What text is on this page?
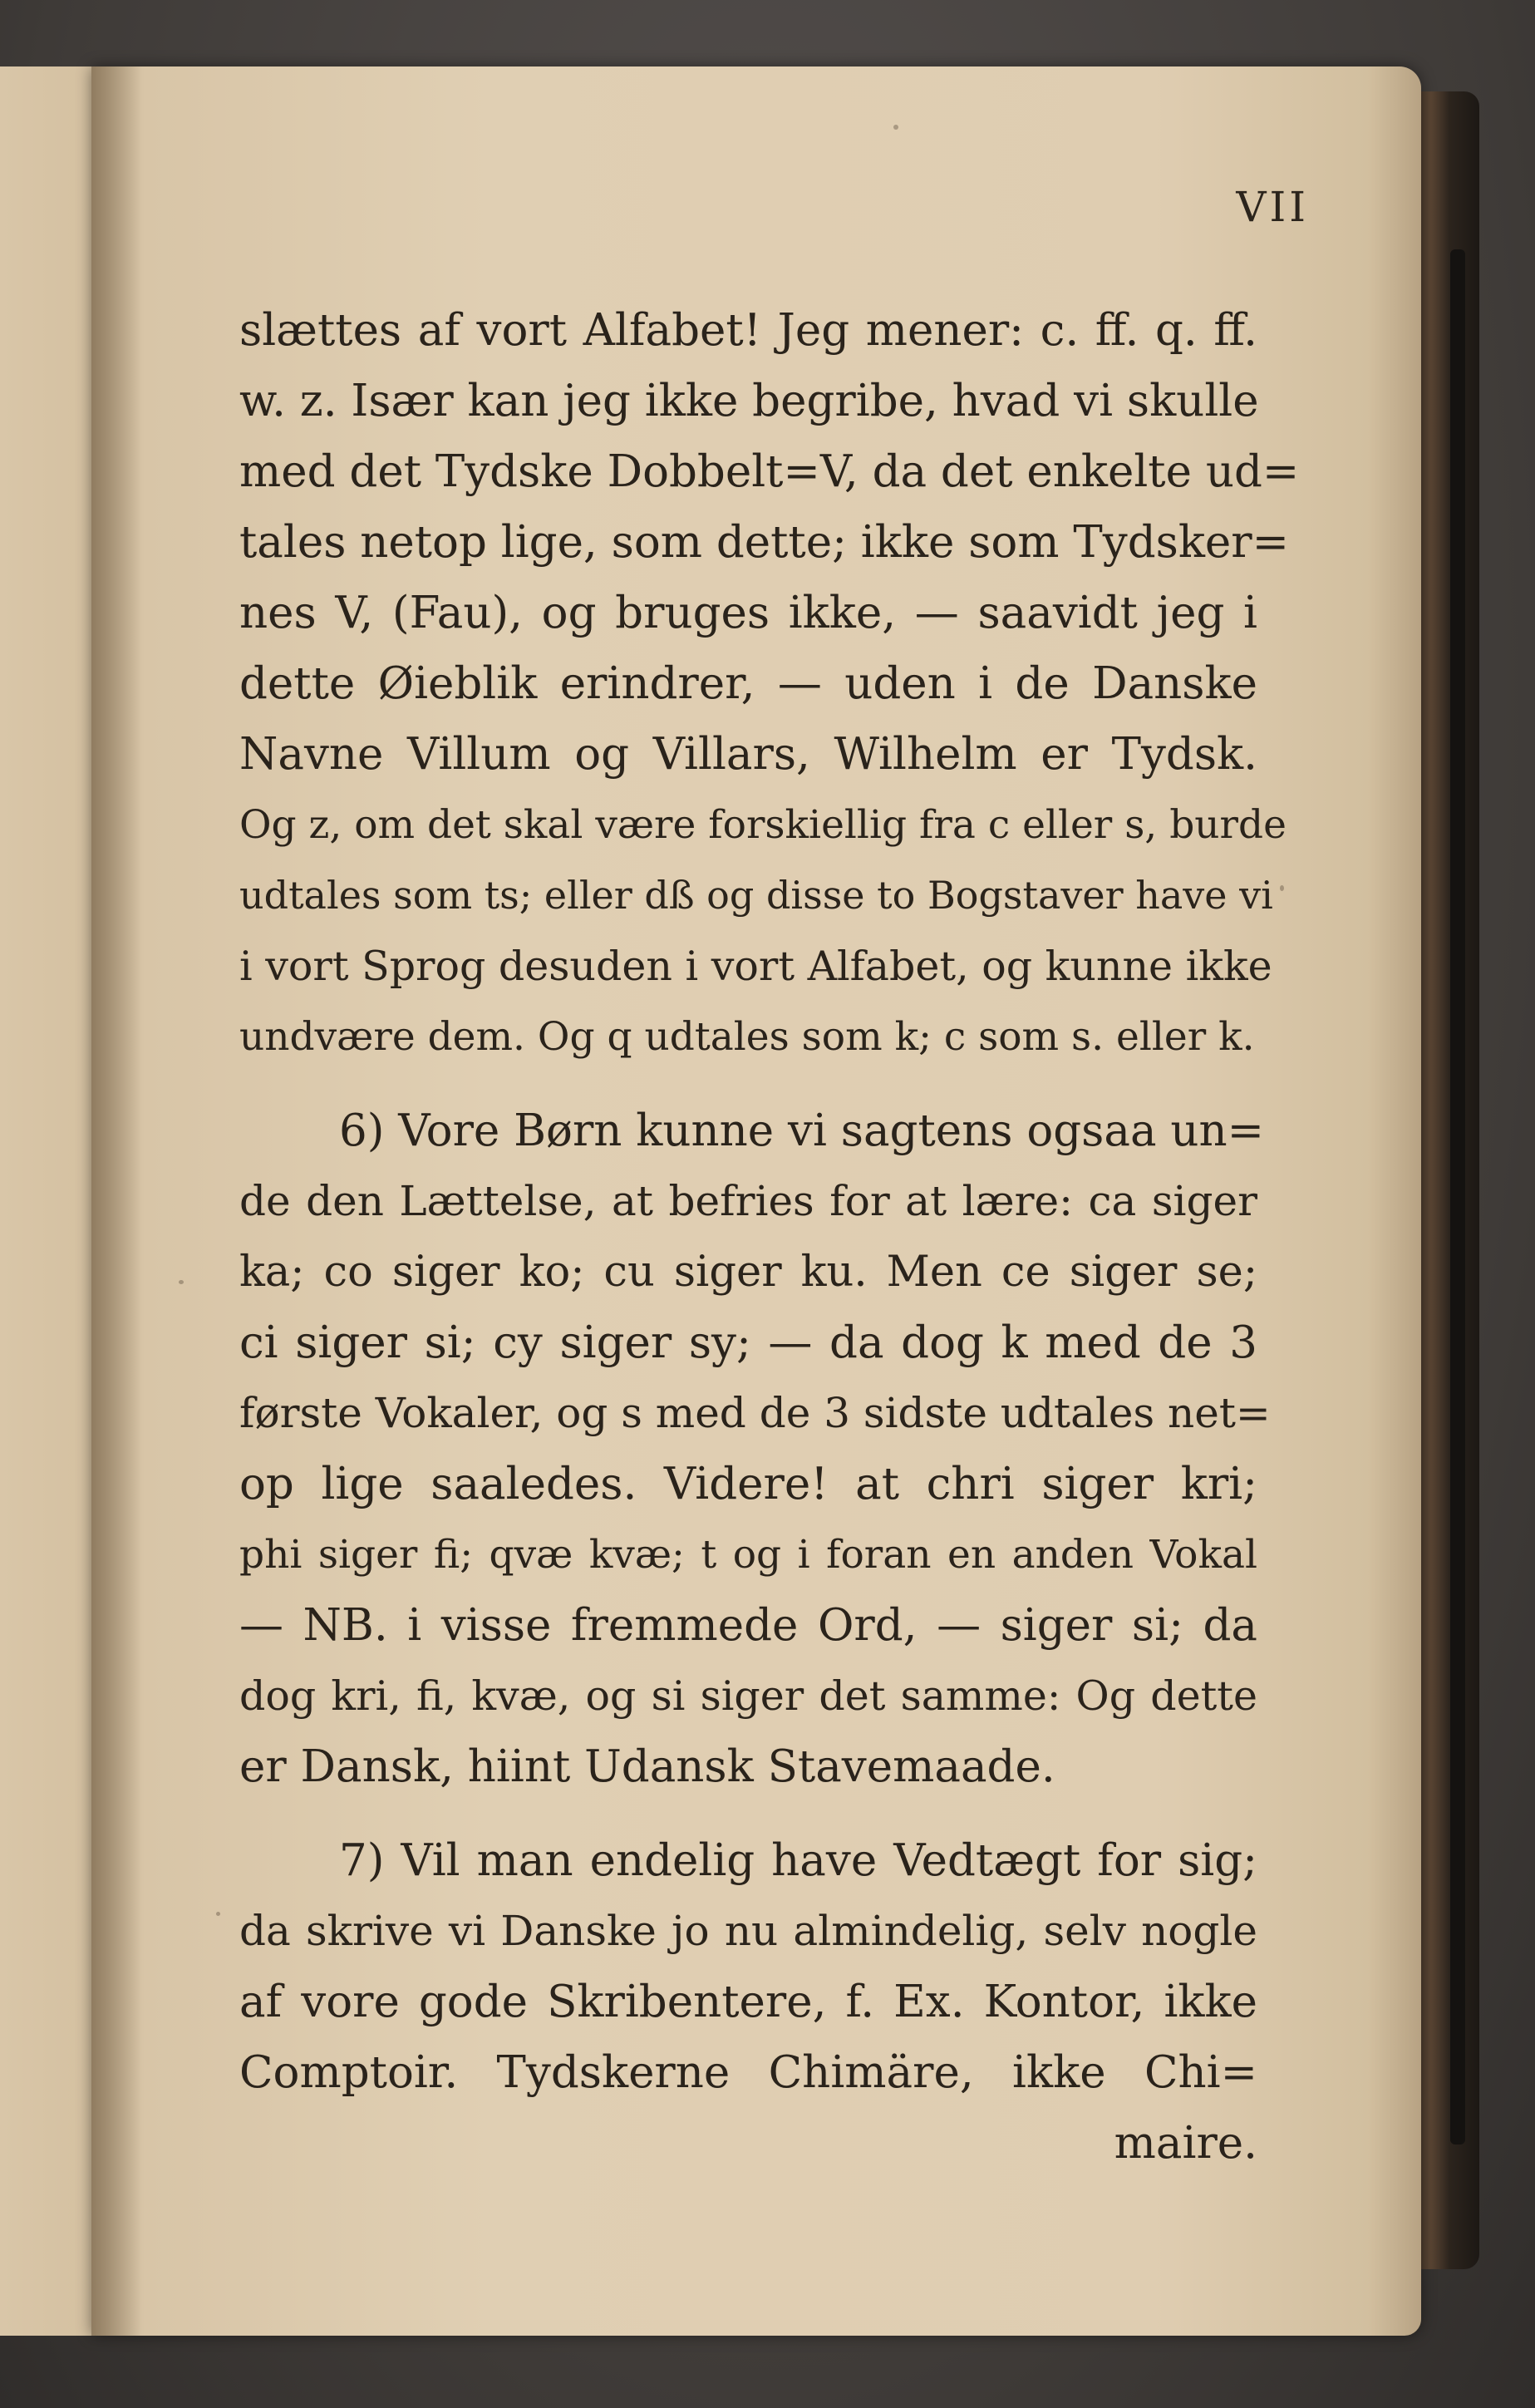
VII
slættes af vort Alfabet! Jeg mener: c. ff. q. ff.
w. z. Især kan jeg ikke begribe, hvad vi skulle
med det Tydske Dobbelt=V, da det enkelte ud=
tales netop lige, som dette; ikke som Tydsker=
nes V, (Fau), og bruges ikke, — saavidt jeg i
dette Øieblik erindrer, — uden i de Danske
Navne Villum og Villars, Wilhelm er Tydsk.
Og z, om det skal være forskiellig fra c eller s, burde
udtales som ts; eller dß og disse to Bogstaver have vi
i vort Sprog desuden i vort Alfabet, og kunne ikke
undvære dem. Og q udtales som k; c som s. eller k.
6) Vore Børn kunne vi sagtens ogsaa un=
de den Lættelse, at befries for at lære: ca siger
ka; co siger ko; cu siger ku. Men ce siger se;
ci siger si; cy siger sy; — da dog k med de 3
første Vokaler, og s med de 3 sidste udtales net=
op lige saaledes. Videre! at chri siger kri;
phi siger fi; qvæ kvæ; t og i foran en anden Vokal
— NB. i visse fremmede Ord, — siger si; da
dog kri, fi, kvæ, og si siger det samme: Og dette
er Dansk, hiint Udansk Stavemaade.
7) Vil man endelig have Vedtægt for sig;
da skrive vi Danske jo nu almindelig, selv nogle
af vore gode Skribentere, f. Ex. Kontor, ikke
Comptoir. Tydskerne Chimäre, ikke Chi=
maire.
